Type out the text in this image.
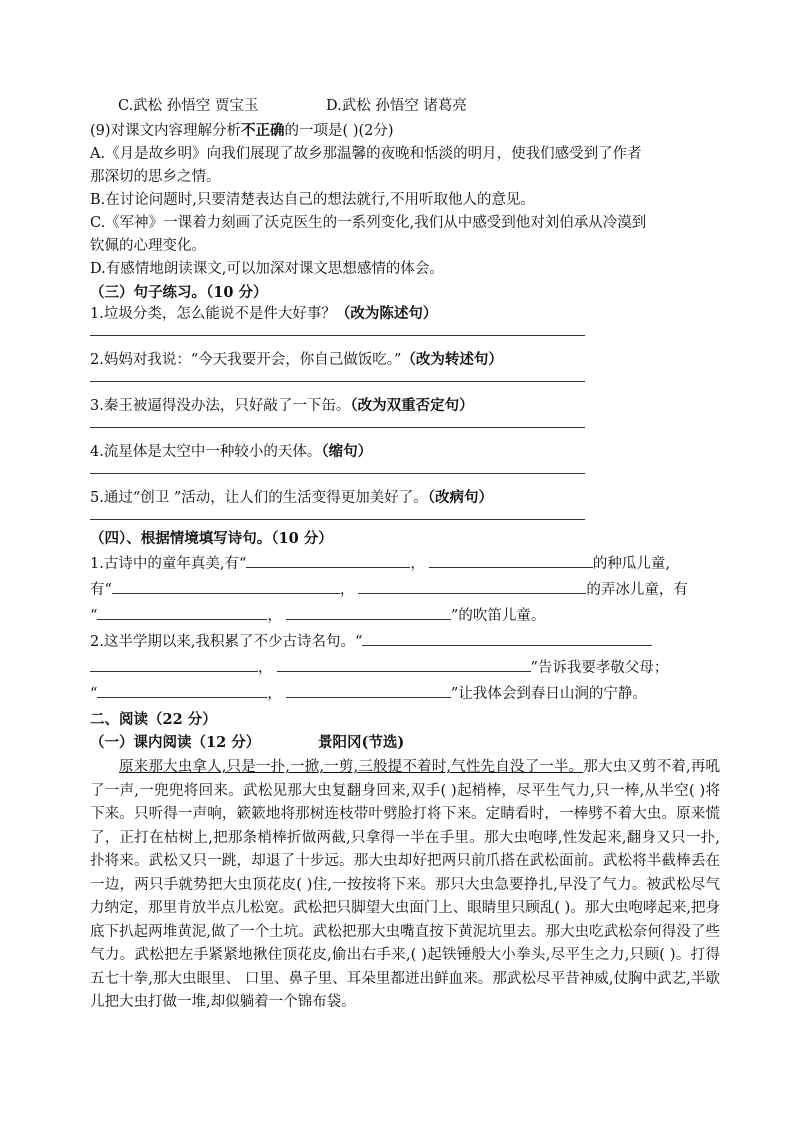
C.武松 孙悟空 贾宝玉	D.武松 孙悟空 诸葛亮
(9)对课文内容理解分析不正确的一项是( )(2分)
A.《月是故乡明》向我们展现了故乡那温馨的夜晚和恬淡的明月，使我们感受到了作者
那深切的思乡之情。
B.在讨论问题时,只要清楚表达自己的想法就行,不用听取他人的意见。
C.《军神》一课着力刻画了沃克医生的一系列变化,我们从中感受到他对刘伯承从冷漠到
钦佩的心理变化。
D.有感情地朗读课文,可以加深对课文思想感情的体会。
（三）句子练习。（10 分）
1.垃圾分类，怎么能说不是件大好事？（改为陈述句）
2.妈妈对我说：“今天我要开会，你自己做饭吃。”（改为转述句）
3.秦王被逼得没办法，只好敲了一下缶。（改为双重否定句）
4.流星体是太空中一种较小的天体。（缩句）
5.通过“创卫 ”活动，让人们的生活变得更加美好了。（改病句）
（四）、根据情境填写诗句。（10 分）
1.古诗中的童年真美,有“	，	的种瓜儿童,
有“	，	的弄冰儿童，有
“	，	”的吹笛儿童。
2.这半学期以来,我积累了不少古诗名句。“
，	”告诉我要孝敬父母；
“	，	”让我体会到春日山涧的宁静。
二、阅读（22 分）
（一）课内阅读（12 分）	景阳冈(节选)
原来那大虫拿人,只是一扑,一掀,一剪,三般提不着时,气性先自没了一半。那大虫又剪不着,再吼了一声,一兜兜将回来。武松见那大虫复翻身回来,双手( )起梢棒，尽平生气力,只一棒,从半空( )将下来。只听得一声响，簌簌地将那树连枝带叶劈脸打将下来。定睛看时，一棒劈不着大虫。原来慌了，正打在枯树上,把那条梢棒折做两截,只拿得一半在手里。那大虫咆哮,性发起来,翻身又只一扑,扑将来。武松又只一跳，却退了十步远。那大虫却好把两只前爪搭在武松面前。武松将半截棒丢在一边，两只手就势把大虫顶花皮( )住,一按按将下来。那只大虫急要挣扎,早没了气力。被武松尽气力纳定，那里肯放半点儿松宽。武松把只脚望大虫面门上、眼睛里只顾乱( )。那大虫咆哮起来,把身底下扒起两堆黄泥,做了一个土坑。武松把那大虫嘴直按下黄泥坑里去。那大虫吃武松奈何得没了些气力。武松把左手紧紧地揪住顶花皮,偷出右手来,( )起铁锤般大小拳头,尽平生之力,只顾( )。打得五七十拳,那大虫眼里、 口里、鼻子里、耳朵里都迸出鲜血来。那武松尽平昔神威,仗胸中武艺,半歇儿把大虫打做一堆,却似躺着一个锦布袋。
